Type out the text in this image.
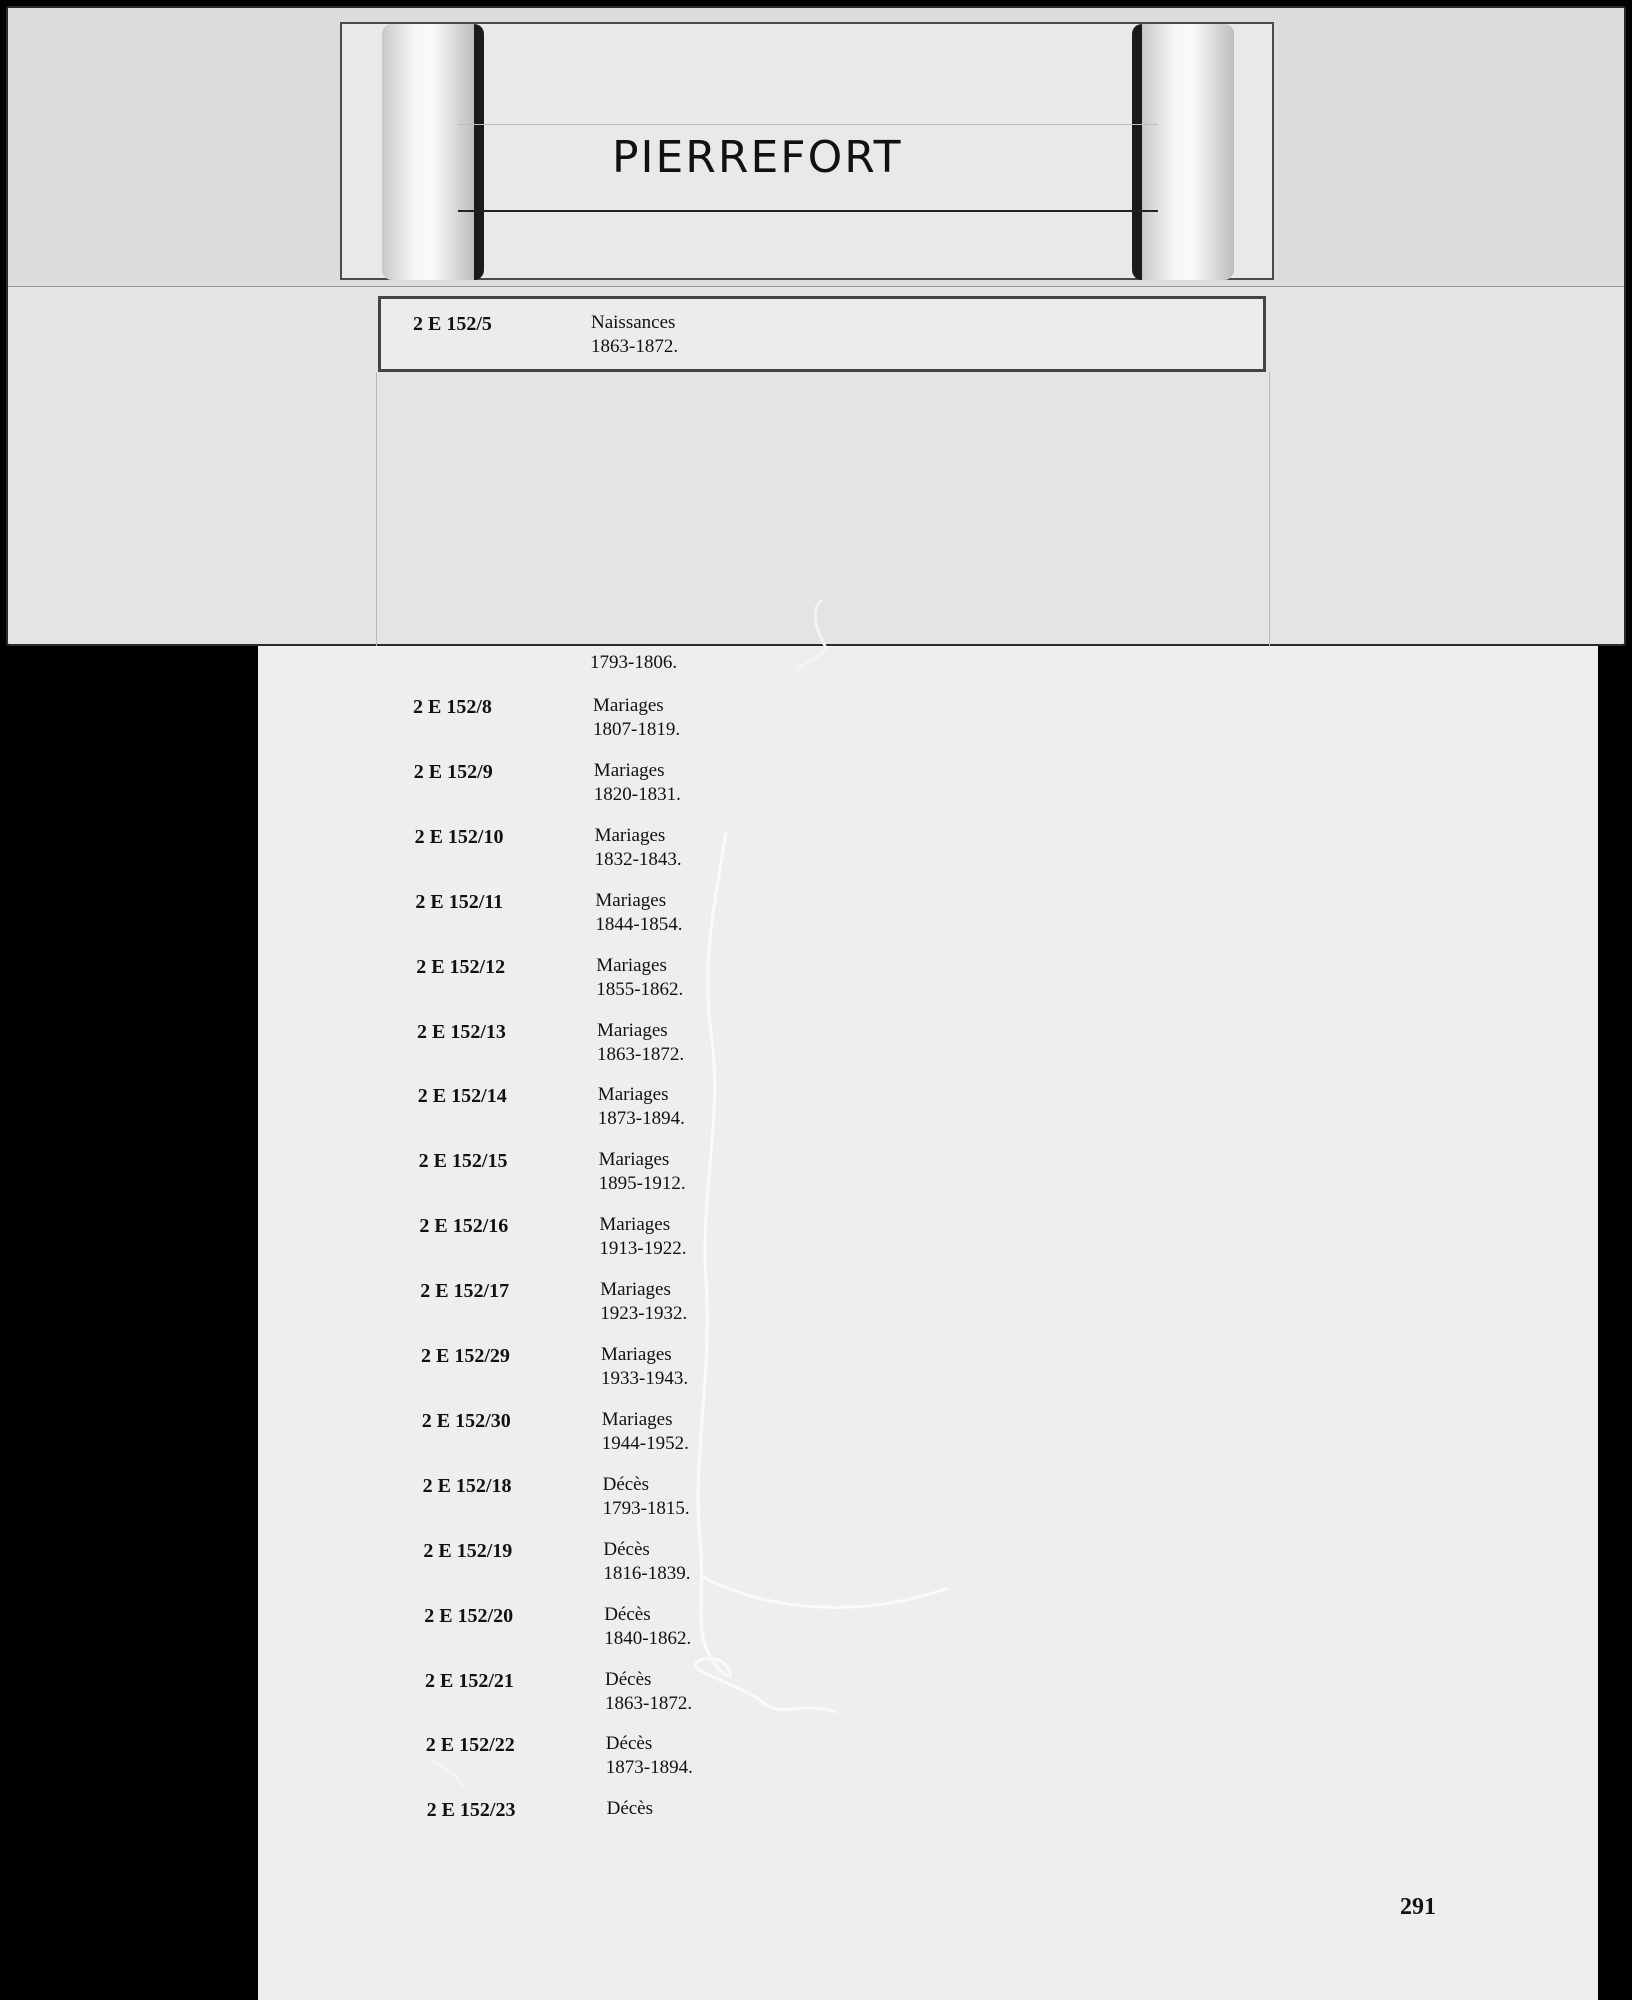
1793-1806.
2 E 152/8	Mariages
1807-1819.
2 E 152/9	Mariages
1820-1831.
2 E 152/10	Mariages
1832-1843.
2 E 152/11	Mariages
1844-1854.
2 E 152/12	Mariages
1855-1862.
2 E 152/13	Mariages
1863-1872.
2 E 152/14	Mariages
1873-1894.
2 E 152/15	Mariages
1895-1912.
2 E 152/16	Mariages
1913-1922.
2 E 152/17	Mariages
1923-1932.
2 E 152/29	Mariages
1933-1943.
2 E 152/30	Mariages
1944-1952.
2 E 152/18	Décès
1793-1815.
2 E 152/19	Décès
1816-1839.
2 E 152/20	Décès
1840-1862.
2 E 152/21	Décès
1863-1872.
2 E 152/22	Décès
1873-1894.
2 E 152/23	Décès
291
PIERREFORT
2 E 152/5	Naissances
1863-1872.
